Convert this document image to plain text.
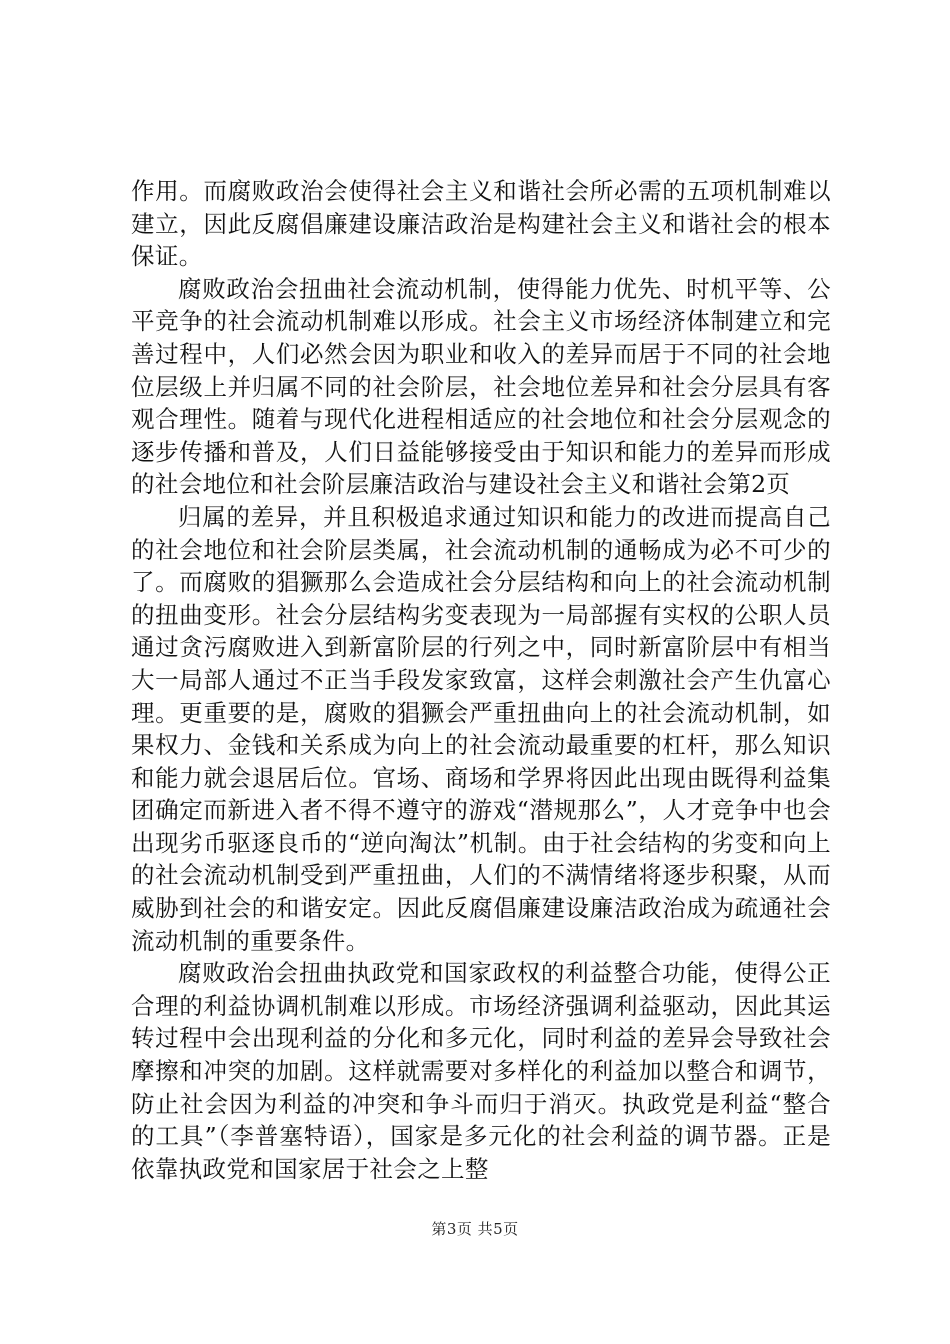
作用。而腐败政治会使得社会主义和谐社会所必需的五项机制难以建立，因此反腐倡廉建设廉洁政治是构建社会主义和谐社会的根本保证。

腐败政治会扭曲社会流动机制，使得能力优先、时机平等、公平竞争的社会流动机制难以形成。社会主义市场经济体制建立和完善过程中，人们必然会因为职业和收入的差异而居于不同的社会地位层级上并归属不同的社会阶层，社会地位差异和社会分层具有客观合理性。随着与现代化进程相适应的社会地位和社会分层观念的逐步传播和普及，人们日益能够接受由于知识和能力的差异而形成的社会地位和社会阶层廉洁政治与建设社会主义和谐社会第2页

归属的差异，并且积极追求通过知识和能力的改进而提高自己的社会地位和社会阶层类属，社会流动机制的通畅成为必不可少的了。而腐败的猖獗那么会造成社会分层结构和向上的社会流动机制的扭曲变形。社会分层结构劣变表现为一局部握有实权的公职人员通过贪污腐败进入到新富阶层的行列之中，同时新富阶层中有相当大一局部人通过不正当手段发家致富，这样会刺激社会产生仇富心理。更重要的是，腐败的猖獗会严重扭曲向上的社会流动机制，如果权力、金钱和关系成为向上的社会流动最重要的杠杆，那么知识和能力就会退居后位。官场、商场和学界将因此出现由既得利益集团确定而新进入者不得不遵守的游戏“潜规那么”，人才竞争中也会出现劣币驱逐良币的“逆向淘汰”机制。由于社会结构的劣变和向上的社会流动机制受到严重扭曲，人们的不满情绪将逐步积聚，从而威胁到社会的和谐安定。因此反腐倡廉建设廉洁政治成为疏通社会流动机制的重要条件。

腐败政治会扭曲执政党和国家政权的利益整合功能，使得公正合理的利益协调机制难以形成。市场经济强调利益驱动，因此其运转过程中会出现利益的分化和多元化，同时利益的差异会导致社会摩擦和冲突的加剧。这样就需要对多样化的利益加以整合和调节，防止社会因为利益的冲突和争斗而归于消灭。执政党是利益“整合的工具”（李普塞特语），国家是多元化的社会利益的调节器。正是依靠执政党和国家居于社会之上整

第3页 共5页
